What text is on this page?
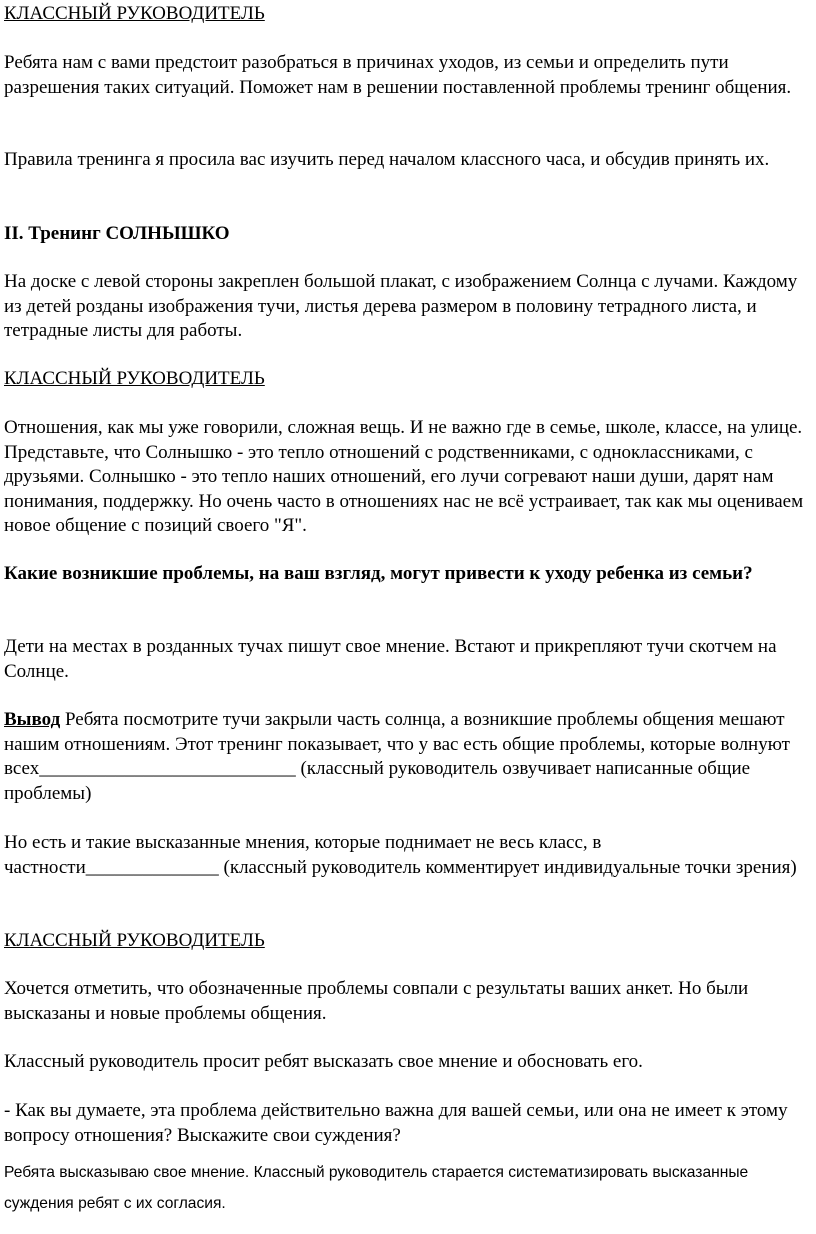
КЛАССНЫЙ РУКОВОДИТЕЛЬ

Ребята нам с вами предстоит разобраться в причинах уходов, из семьи и определить пути разрешения таких ситуаций. Поможет нам в решении поставленной проблемы тренинг общения.

Правила тренинга я просила вас изучить перед началом классного часа, и обсудив принять их.

II. Тренинг СОЛНЫШКО

На доске с левой стороны закреплен большой плакат, с изображением Солнца с лучами. Каждому из детей розданы изображения тучи, листья дерева размером в половину тетрадного листа, и тетрадные листы для работы.

КЛАССНЫЙ РУКОВОДИТЕЛЬ

Отношения, как мы уже говорили, сложная вещь. И не важно где в семье, школе, классе, на улице. Представьте, что Солнышко - это тепло отношений с родственниками, с одноклассниками, с друзьями. Солнышко - это тепло наших отношений, его лучи согревают наши души, дарят нам понимания, поддержку. Но очень часто в отношениях нас не всё устраивает, так как мы оцениваем новое общение с позиций своего "Я".

Какие возникшие проблемы, на ваш взгляд, могут привести к уходу ребенка из семьи?

Дети на местах в розданных тучах пишут свое мнение. Встают и прикрепляют тучи скотчем на Солнце.

Вывод Ребята посмотрите тучи закрыли часть солнца, а возникшие проблемы общения мешают нашим отношениям. Этот тренинг показывает, что у вас есть общие проблемы, которые волнуют всех___________________________ (классный руководитель озвучивает написанные общие проблемы)

Но есть и такие высказанные мнения, которые поднимает не весь класс, в частности______________ (классный руководитель комментирует индивидуальные точки зрения)

КЛАССНЫЙ РУКОВОДИТЕЛЬ

Хочется отметить, что обозначенные проблемы совпали с результаты ваших анкет. Но были высказаны и новые проблемы общения.

Классный руководитель просит ребят высказать свое мнение и обосновать его.

- Как вы думаете, эта проблема действительно важна для вашей семьи, или она не имеет к этому вопросу отношения? Выскажите свои суждения?

Ребята высказываю свое мнение. Классный руководитель старается систематизировать высказанные суждения ребят с их согласия.
